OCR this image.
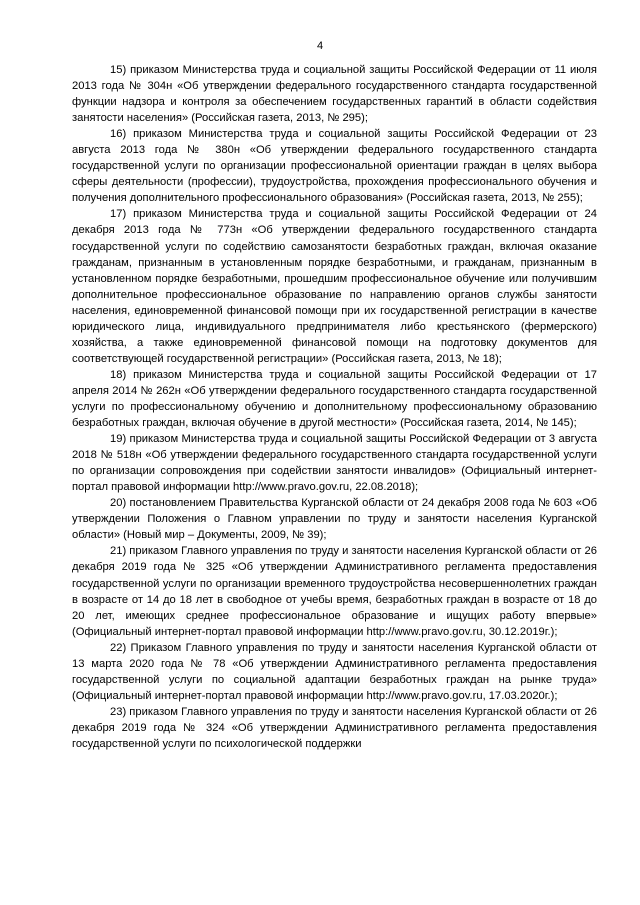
4

15) приказом Министерства труда и социальной защиты Российской Федерации от 11 июля 2013 года № 304н «Об утверждении федерального государственного стандарта государственной функции надзора и контроля за обеспечением государственных гарантий в области содействия занятости населения» (Российская газета, 2013, № 295);

16) приказом Министерства труда и социальной защиты Российской Федерации от 23 августа 2013 года № 380н «Об утверждении федерального государственного стандарта государственной услуги по организации профессиональной ориентации граждан в целях выбора сферы деятельности (профессии), трудоустройства, прохождения профессионального обучения и получения дополнительного профессионального образования» (Российская газета, 2013, № 255);

17) приказом Министерства труда и социальной защиты Российской Федерации от 24 декабря 2013 года № 773н «Об утверждении федерального государственного стандарта государственной услуги по содействию самозанятости безработных граждан, включая оказание гражданам, признанным в установленным порядке безработными, и гражданам, признанным в установленном порядке безработными, прошедшим профессиональное обучение или получившим дополнительное профессиональное образование по направлению органов службы занятости населения, единовременной финансовой помощи при их государственной регистрации в качестве юридического лица, индивидуального предпринимателя либо крестьянского (фермерского) хозяйства, а также единовременной финансовой помощи на подготовку документов для соответствующей государственной регистрации» (Российская газета, 2013, № 18);

18) приказом Министерства труда и социальной защиты Российской Федерации от 17 апреля 2014 № 262н «Об утверждении федерального государственного стандарта государственной услуги по профессиональному обучению и дополнительному профессиональному образованию безработных граждан, включая обучение в другой местности» (Российская газета, 2014, № 145);

19) приказом Министерства труда и социальной защиты Российской Федерации от 3 августа 2018 № 518н «Об утверждении федерального государственного стандарта государственной услуги по организации сопровождения при содействии занятости инвалидов» (Официальный интернет-портал правовой информации http://www.pravo.gov.ru, 22.08.2018);

20) постановлением Правительства Курганской области от 24 декабря 2008 года № 603 «Об утверждении Положения о Главном управлении по труду и занятости населения Курганской области» (Новый мир – Документы, 2009, № 39);

21) приказом Главного управления по труду и занятости населения Курганской области от 26 декабря 2019 года № 325 «Об утверждении Административного регламента предоставления государственной услуги по организации временного трудоустройства несовершеннолетних граждан в возрасте от 14 до 18 лет в свободное от учебы время, безработных граждан в возрасте от 18 до 20 лет, имеющих среднее профессиональное образование и ищущих работу впервые» (Официальный интернет-портал правовой информации http://www.pravo.gov.ru, 30.12.2019г.);

22) Приказом Главного управления по труду и занятости населения Курганской области от 13 марта 2020 года № 78 «Об утверждении Административного регламента предоставления государственной услуги по социальной адаптации безработных граждан на рынке труда» (Официальный интернет-портал правовой информации http://www.pravo.gov.ru, 17.03.2020г.);

23) приказом Главного управления по труду и занятости населения Курганской области от 26 декабря 2019 года № 324 «Об утверждении Административного регламента предоставления государственной услуги по психологической поддержки
